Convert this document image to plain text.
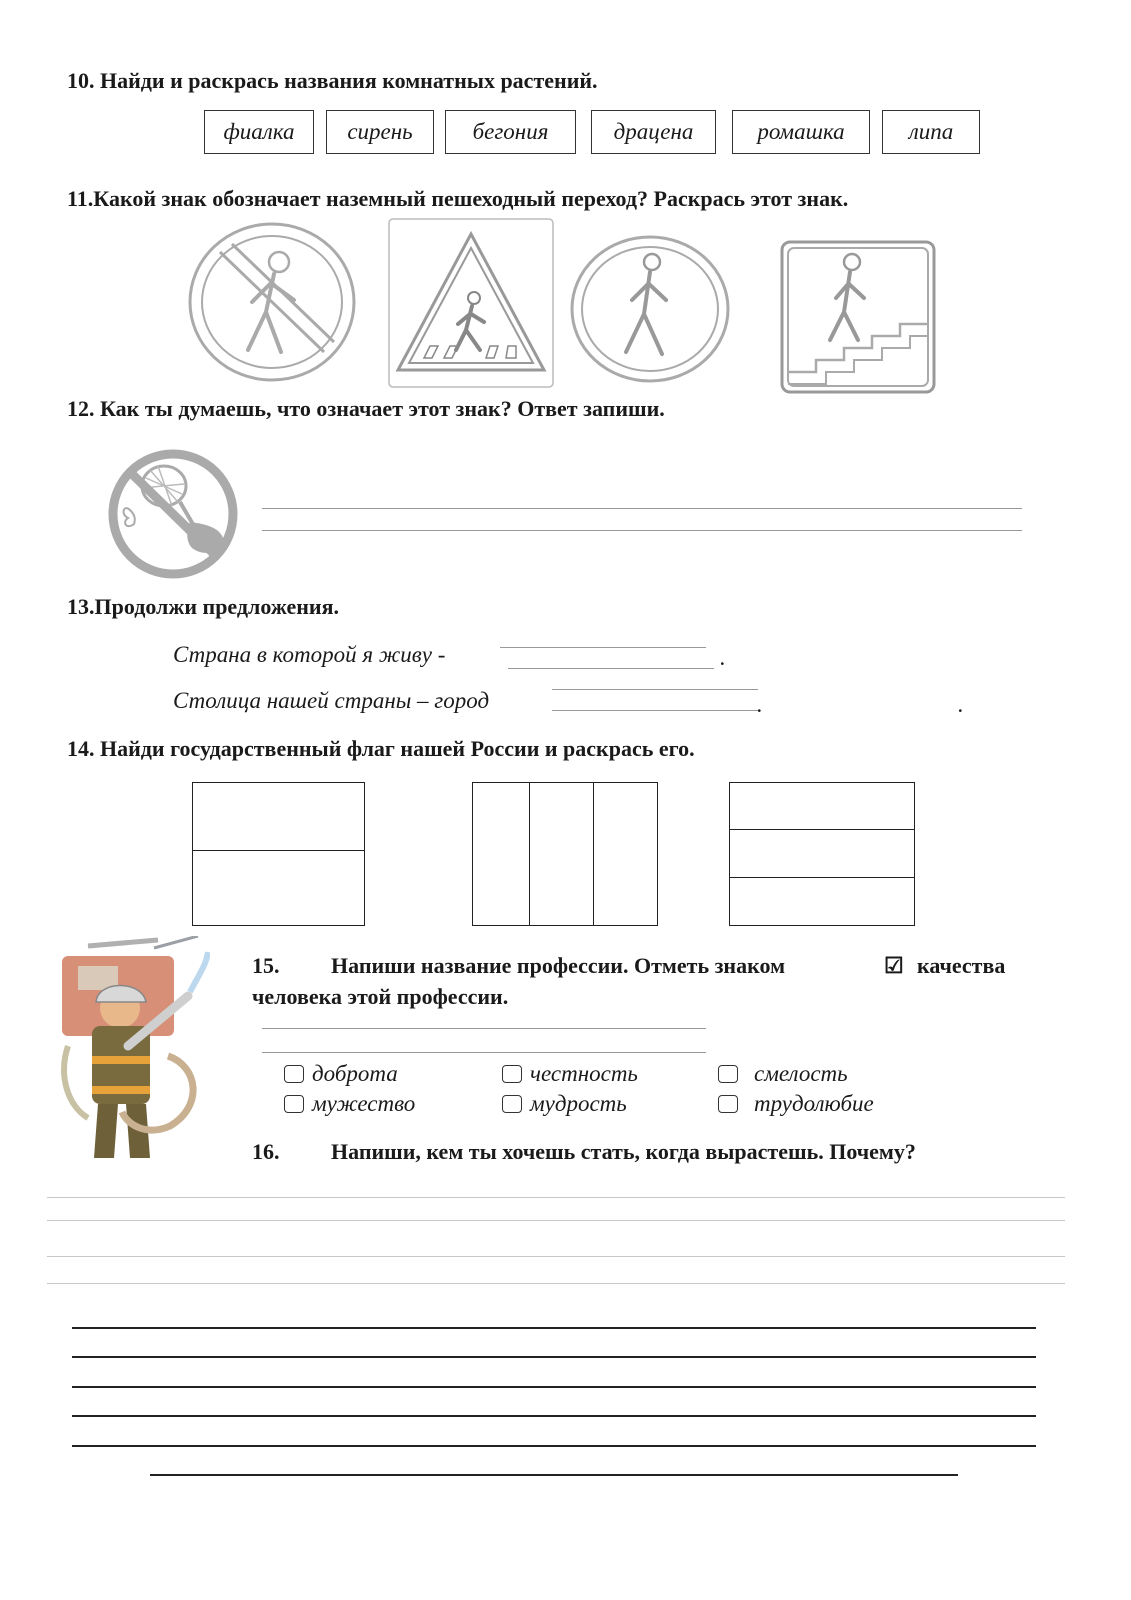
10. Найди и раскрась названия комнатных растений.
фиалка	сирень	бегония	драцена	ромашка	липа
11.Какой знак обозначает наземный пешеходный переход? Раскрась этот знак.
12. Как ты думаешь, что означает этот знак? Ответ запиши.
13.Продолжи предложения.
Страна в которой я живу -	.
Столица нашей страны – город	.	.
14. Найди государственный флаг нашей России и раскрась его.
15. Напиши название профессии. Отметь знаком	☑ качества
человека этой профессии.
доброта	честность	смелость
мужество	мудрость	трудолюбие
16. Напиши, кем ты хочешь стать, когда вырастешь. Почему?
